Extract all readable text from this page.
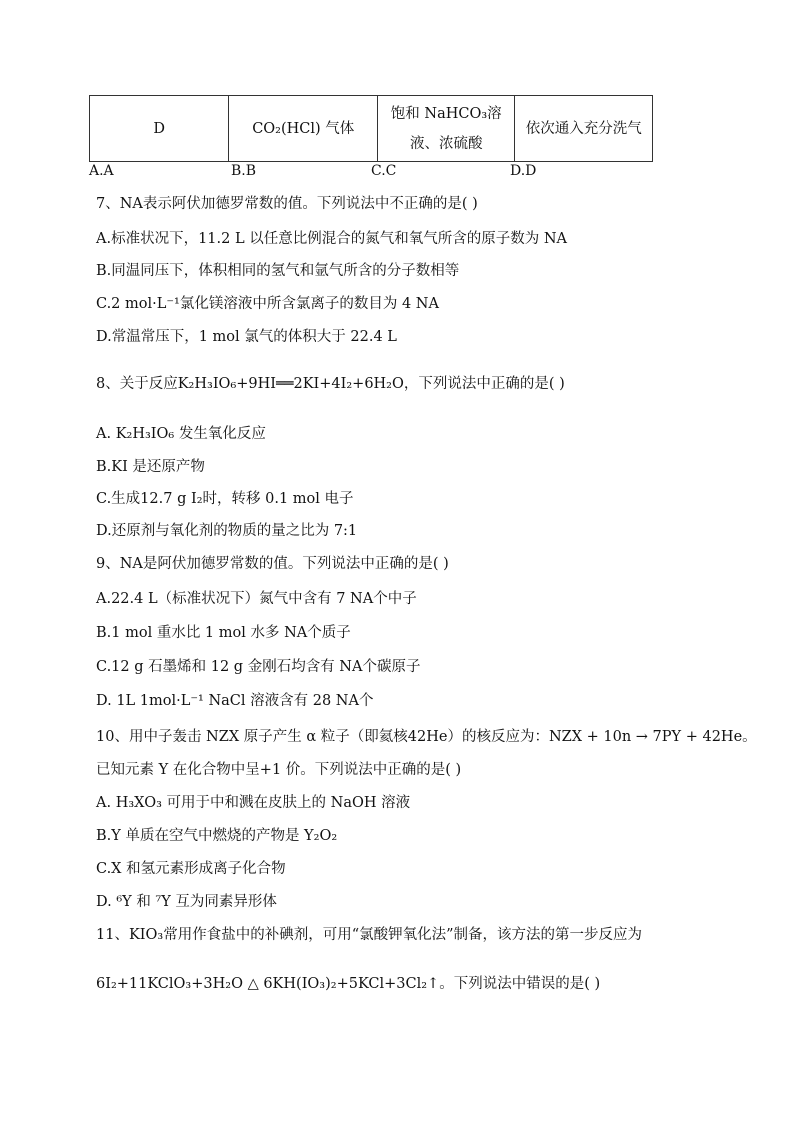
D	CO₂(HCl) 气体	饱和 NaHCO₃溶液、浓硫酸	依次通入充分洗气
A.A	B.B	C.C	D.D
7、NA表示阿伏加德罗常数的值。下列说法中不正确的是( )
A.标准状况下，11.2 L 以任意比例混合的氮气和氧气所含的原子数为 NA
B.同温同压下，体积相同的氢气和氩气所含的分子数相等
C.2 mol·L⁻¹氯化镁溶液中所含氯离子的数目为 4 NA
D.常温常压下，1 mol 氯气的体积大于 22.4 L
8、关于反应K₂H₃IO₆+9HI══2KI+4I₂+6H₂O，下列说法中正确的是( )
A. K₂H₃IO₆ 发生氧化反应
B.KI 是还原产物
C.生成12.7 g I₂时，转移 0.1 mol 电子
D.还原剂与氧化剂的物质的量之比为 7:1
9、NA是阿伏加德罗常数的值。下列说法中正确的是( )
A.22.4 L（标准状况下）氮气中含有 7 NA个中子
B.1 mol 重水比 1 mol 水多 NA个质子
C.12 g 石墨烯和 12 g 金刚石均含有 NA个碳原子
D. 1L 1mol·L⁻¹ NaCl 溶液含有 28 NA个
10、用中子轰击 NZX 原子产生 α 粒子（即氦核42He）的核反应为：NZX + 10n → 7PY + 42He。
已知元素 Y 在化合物中呈+1 价。下列说法中正确的是( )
A. H₃XO₃ 可用于中和溅在皮肤上的 NaOH 溶液
B.Y 单质在空气中燃烧的产物是 Y₂O₂
C.X 和氢元素形成离子化合物
D. ⁶Y 和 ⁷Y 互为同素异形体
11、KIO₃常用作食盐中的补碘剂，可用“氯酸钾氧化法”制备，该方法的第一步反应为
6I₂+11KClO₃+3H₂O △ 6KH(IO₃)₂+5KCl+3Cl₂↑。下列说法中错误的是( )
